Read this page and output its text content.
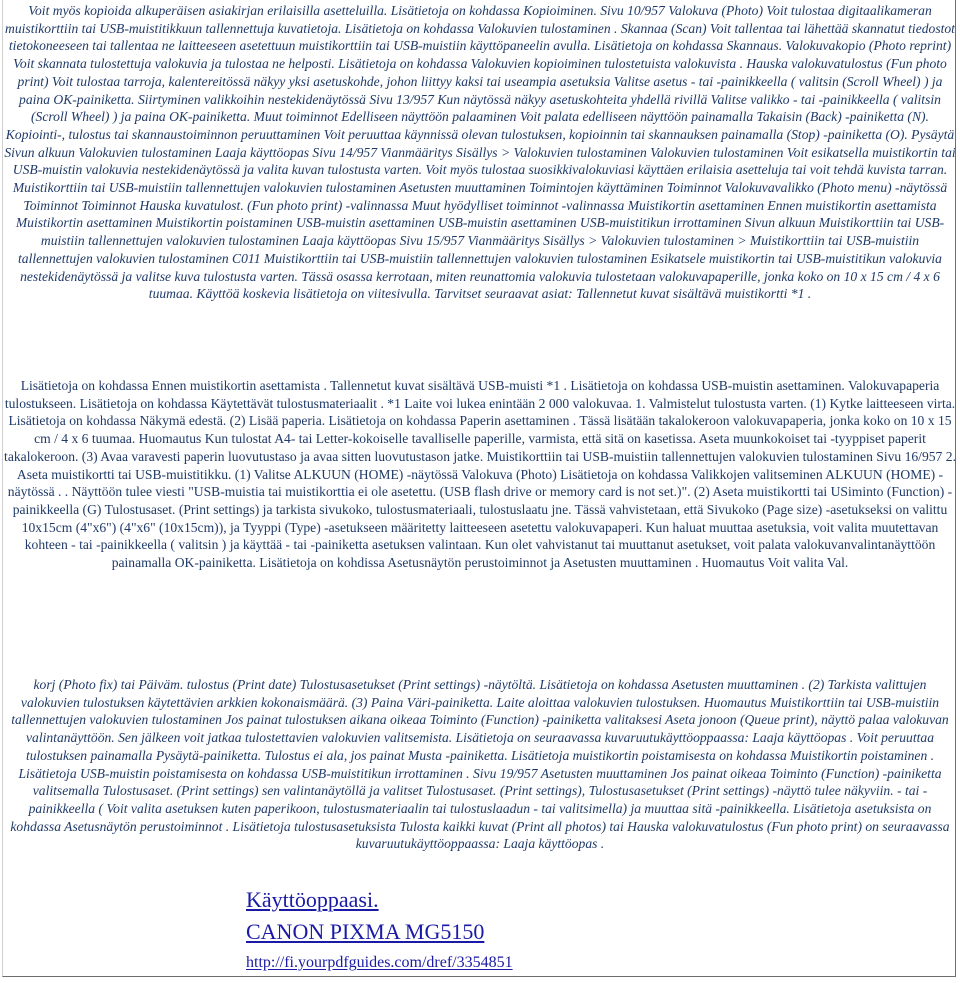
Voit myös kopioida alkuperäisen asiakirjan erilaisilla asetteluilla. Lisätietoja on kohdassa Kopioiminen. Sivu 10/957 Valokuva (Photo) Voit tulostaa digitaalikameran muistikorttiin tai USB-muistitikkuun tallennettuja kuvatietoja. Lisätietoja on kohdassa Valokuvien tulostaminen . Skannaa (Scan) Voit tallentaa tai lähettää skannatut tiedostot tietokoneeseen tai tallentaa ne laitteeseen asetettuun muistikorttiin tai USB-muistiin käyttöpaneelin avulla. Lisätietoja on kohdassa Skannaus. Valokuvakopio (Photo reprint) Voit skannata tulostettuja valokuvia ja tulostaa ne helposti. Lisätietoja on kohdassa Valokuvien kopioiminen tulostetuista valokuvista . Hauska valokuvatulostus (Fun photo print) Voit tulostaa tarroja, kalentereitössä näkyy yksi asetuskohde, johon liittyy kaksi tai useampia asetuksia Valitse asetus - tai -painikkeella ( valitsin (Scroll Wheel) ) ja paina OK-painiketta. Siirtyminen valikkoihin nestekidenäytössä Sivu 13/957 Kun näytössä näkyy asetuskohteita yhdellä rivillä Valitse valikko - tai -painikkeella ( valitsin (Scroll Wheel) ) ja paina OK-painiketta. Muut toiminnot Edelliseen näyttöön palaaminen Voit palata edelliseen näyttöön painamalla Takaisin (Back) -painiketta (N). Kopiointi-, tulostus tai skannaustoiminnon peruuttaminen Voit peruuttaa käynnissä olevan tulostuksen, kopioinnin tai skannauksen painamalla (Stop) -painiketta (O). Pysäytä Sivun alkuun Valokuvien tulostaminen Laaja käyttöopas Sivu 14/957 Vianmääritys Sisällys > Valokuvien tulostaminen Valokuvien tulostaminen Voit esikatsella muistikortin tai USB-muistin valokuvia nestekidenäytössä ja valita kuvan tulostusta varten. Voit myös tulostaa suosikkivalokuviasi käyttäen erilaisia asetteluja tai voit tehdä kuvista tarran. Muistikorttiin tai USB-muistiin tallennettujen valokuvien tulostaminen Asetusten muuttaminen Toimintojen käyttäminen Toiminnot Valokuvavalikko (Photo menu) -näytössä Toiminnot Toiminnot Hauska kuvatulost. (Fun photo print) -valinnassa Muut hyödylliset toiminnot -valinnassa Muistikortin asettaminen Ennen muistikortin asettamista Muistikortin asettaminen Muistikortin poistaminen USB-muistin asettaminen USB-muistin asettaminen USB-muistitikun irrottaminen Sivun alkuun Muistikorttiin tai USB-muistiin tallennettujen valokuvien tulostaminen Laaja käyttöopas Sivu 15/957 Vianmääritys Sisällys > Valokuvien tulostaminen > Muistikorttiin tai USB-muistiin tallennettujen valokuvien tulostaminen C011 Muistikorttiin tai USB-muistiin tallennettujen valokuvien tulostaminen Esikatsele muistikortin tai USB-muistitikun valokuvia nestekidenäytössä ja valitse kuva tulostusta varten. Tässä osassa kerrotaan, miten reunattomia valokuvia tulostetaan valokuvapaperille, jonka koko on 10 x 15 cm / 4 x 6 tuumaa. Käyttöä koskevia lisätietoja on viitesivulla. Tarvitset seuraavat asiat: Tallennetut kuvat sisältävä muistikortti *1 .

Lisätietoja on kohdassa Ennen muistikortin asettamista . Tallennetut kuvat sisältävä USB-muisti *1 . Lisätietoja on kohdassa USB-muistin asettaminen. Valokuvapaperia tulostukseen. Lisätietoja on kohdassa Käytettävät tulostusmateriaalit . *1 Laite voi lukea enintään 2 000 valokuvaa. 1. Valmistelut tulostusta varten. (1) Kytke laitteeseen virta. Lisätietoja on kohdassa Näkymä edestä. (2) Lisää paperia. Lisätietoja on kohdassa Paperin asettaminen . Tässä lisätään takalokeroon valokuvapaperia, jonka koko on 10 x 15 cm / 4 x 6 tuumaa. Huomautus Kun tulostat A4- tai Letter-kokoiselle tavalliselle paperille, varmista, että sitä on kasetissa. Aseta muunkokoiset tai -tyyppiset paperit takalokeroon. (3) Avaa varavesti paperin luovutustaso ja avaa sitten luovutustason jatke. Muistikorttiin tai USB-muistiin tallennettujen valokuvien tulostaminen Sivu 16/957 2. Aseta muistikortti tai USB-muistitikku. (1) Valitse ALKUUN (HOME) -näytössä Valokuva (Photo) Lisätietoja on kohdassa Valikkojen valitseminen ALKUUN (HOME) -näytössä . . Näyttöön tulee viesti "USB-muistia tai muistikorttia ei ole asetettu. (USB flash drive or memory card is not set.)". (2) Aseta muistikortti tai USiminto (Function) -painikkeella (G) Tulostusaset. (Print settings) ja tarkista sivukoko, tulostusmateriaali, tulostuslaatu jne. Tässä vahvistetaan, että Sivukoko (Page size) -asetukseksi on valittu 10x15cm (4"x6") (4"x6" (10x15cm)), ja Tyyppi (Type) -asetukseen määritetty laitteeseen asetettu valokuvapaperi. Kun haluat muuttaa asetuksia, voit valita muutettavan kohteen - tai -painikkeella ( valitsin ) ja käyttää - tai -painiketta asetuksen valintaan. Kun olet vahvistanut tai muuttanut asetukset, voit palata valokuvanvalintanäyttöön painamalla OK-painiketta. Lisätietoja on kohdissa Asetusnäytön perustoiminnot ja Asetusten muuttaminen . Huomautus Voit valita Val.

korj (Photo fix) tai Päiväm. tulostus (Print date) Tulostusasetukset (Print settings) -näytöltä. Lisätietoja on kohdassa Asetusten muuttaminen . (2) Tarkista valittujen valokuvien tulostuksen käytettävien arkkien kokonaismäärä. (3) Paina Väri-painiketta. Laite aloittaa valokuvien tulostuksen. Huomautus Muistikorttiin tai USB-muistiin tallennettujen valokuvien tulostaminen Jos painat tulostuksen aikana oikeaa Toiminto (Function) -painiketta valitaksesi Aseta jonoon (Queue print), näyttö palaa valokuvan valintanäyttöön. Sen jälkeen voit jatkaa tulostettavien valokuvien valitsemista. Lisätietoja on seuraavassa kuvaruutukäyttöoppaassa: Laaja käyttöopas . Voit peruuttaa tulostuksen painamalla Pysäytä-painiketta. Tulostus ei ala, jos painat Musta -painiketta. Lisätietoja muistikortin poistamisesta on kohdassa Muistikortin poistaminen . Lisätietoja USB-muistin poistamisesta on kohdassa USB-muistitikun irrottaminen . Sivu 19/957 Asetusten muuttaminen Jos painat oikeaa Toiminto (Function) -painiketta valitsemalla Tulostusaset. (Print settings) sen valintanäytöllä ja valitset Tulostusaset. (Print settings), Tulostusasetukset (Print settings) -näyttö tulee näkyviin. - tai -painikkeella ( Voit valita asetuksen kuten paperikoon, tulostusmateriaalin tai tulostuslaadun - tai valitsimella) ja muuttaa sitä -painikkeella. Lisätietoja asetuksista on kohdassa Asetusnäytön perustoiminnot . Lisätietoja tulostusasetuksista Tulosta kaikki kuvat (Print all photos) tai Hauska valokuvatulostus (Fun photo print) on seuraavassa kuvaruutukäyttöoppaassa: Laaja käyttöopas .

Käyttöoppaasi.
CANON PIXMA MG5150
http://fi.yourpdfguides.com/dref/3354851
